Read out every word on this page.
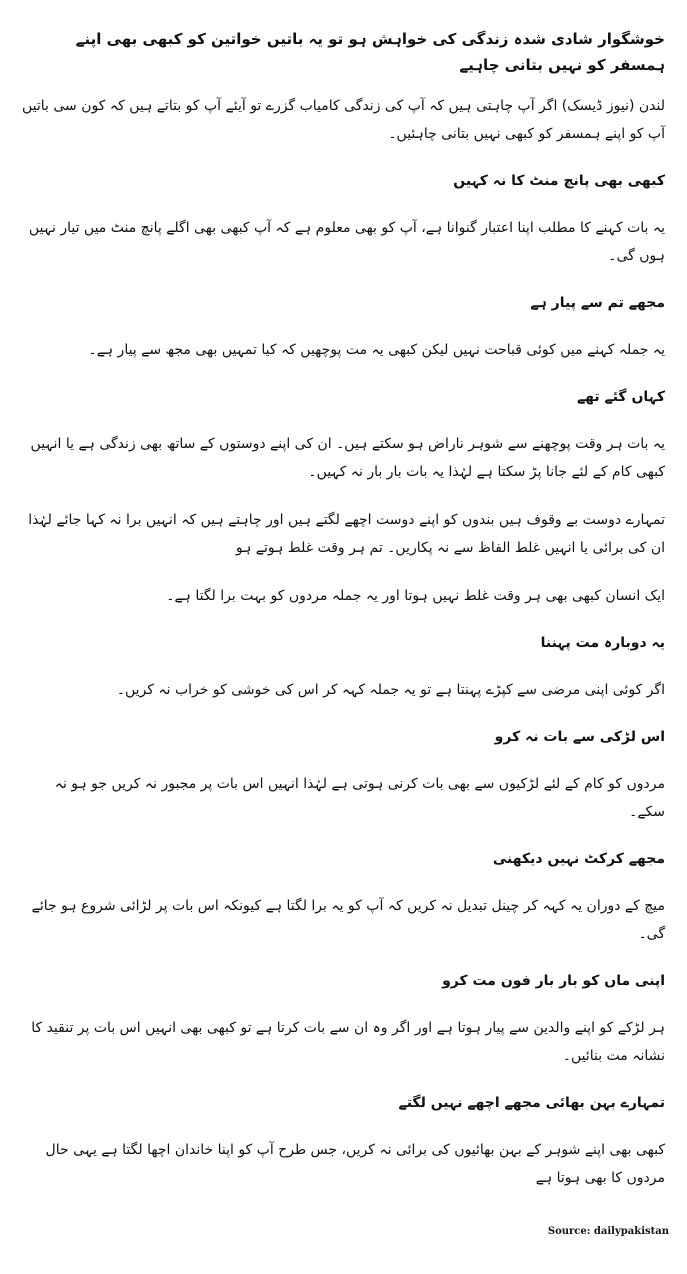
خوشگوار شادی شدہ زندگی کی خواہش ہو تو یہ باتیں خواتین کو کبھی بھی اپنے ہمسفر کو نہیں بتانی چاہیے

لندن (نیوز ڈیسک) اگر آپ چاہتی ہیں کہ آپ کی زندگی کامیاب گزرے تو آیئے آپ کو بتاتے ہیں کہ کون سی باتیں آپ کو اپنے ہمسفر کو کبھی نہیں بتانی چاہئیں۔

کبھی بھی پانچ منٹ کا نہ کہیں

یہ بات کہنے کا مطلب اپنا اعتبار گنوانا ہے، آپ کو بھی معلوم ہے کہ آپ کبھی بھی اگلے پانچ منٹ میں تیار نہیں ہوں گی۔

مجھے تم سے پیار ہے

یہ جملہ کہنے میں کوئی قباحت نہیں لیکن کبھی یہ مت پوچھیں کہ کیا تمہیں بھی مجھ سے پیار ہے۔

کہاں گئے تھے

یہ بات ہر وقت پوچھنے سے شوہر ناراض ہو سکتے ہیں۔ ان کی اپنے دوستوں کے ساتھ بھی زندگی ہے یا انہیں کبھی کام کے لئے جانا پڑ سکتا ہے لہٰذا یہ بات بار بار نہ کہیں۔

تمہارے دوست بے وقوف ہیں بندوں کو اپنے دوست اچھے لگتے ہیں اور چاہتے ہیں کہ انہیں برا نہ کہا جائے لہٰذا ان کی برائی یا انہیں غلط الفاظ سے نہ پکاریں۔ تم ہر وقت غلط ہوتے ہو

ایک انسان کبھی بھی ہر وقت غلط نہیں ہوتا اور یہ جملہ مردوں کو بہت برا لگتا ہے۔

یہ دوبارہ مت پہننا

اگر کوئی اپنی مرضی سے کپڑے پہنتا ہے تو یہ جملہ کہہ کر اس کی خوشی کو خراب نہ کریں۔

اس لڑکی سے بات نہ کرو

مردوں کو کام کے لئے لڑکیوں سے بھی بات کرنی ہوتی ہے لہٰذا انہیں اس بات پر مجبور نہ کریں جو ہو نہ سکے۔

مجھے کرکٹ نہیں دیکھنی

میچ کے دوران یہ کہہ کر چینل تبدیل نہ کریں کہ آپ کو یہ برا لگتا ہے کیونکہ اس بات پر لڑائی شروع ہو جائے گی۔

اپنی ماں کو بار بار فون مت کرو

ہر لڑکے کو اپنے والدین سے پیار ہوتا ہے اور اگر وہ ان سے بات کرتا ہے تو کبھی بھی انہیں اس بات پر تنقید کا نشانہ مت بنائیں۔

تمہارے بہن بھائی مجھے اچھے نہیں لگتے

کبھی بھی اپنے شوہر کے بہن بھائیوں کی برائی نہ کریں، جس طرح آپ کو اپنا خاندان اچھا لگتا ہے یہی حال مردوں کا بھی ہوتا ہے

Source: dailypakistan
